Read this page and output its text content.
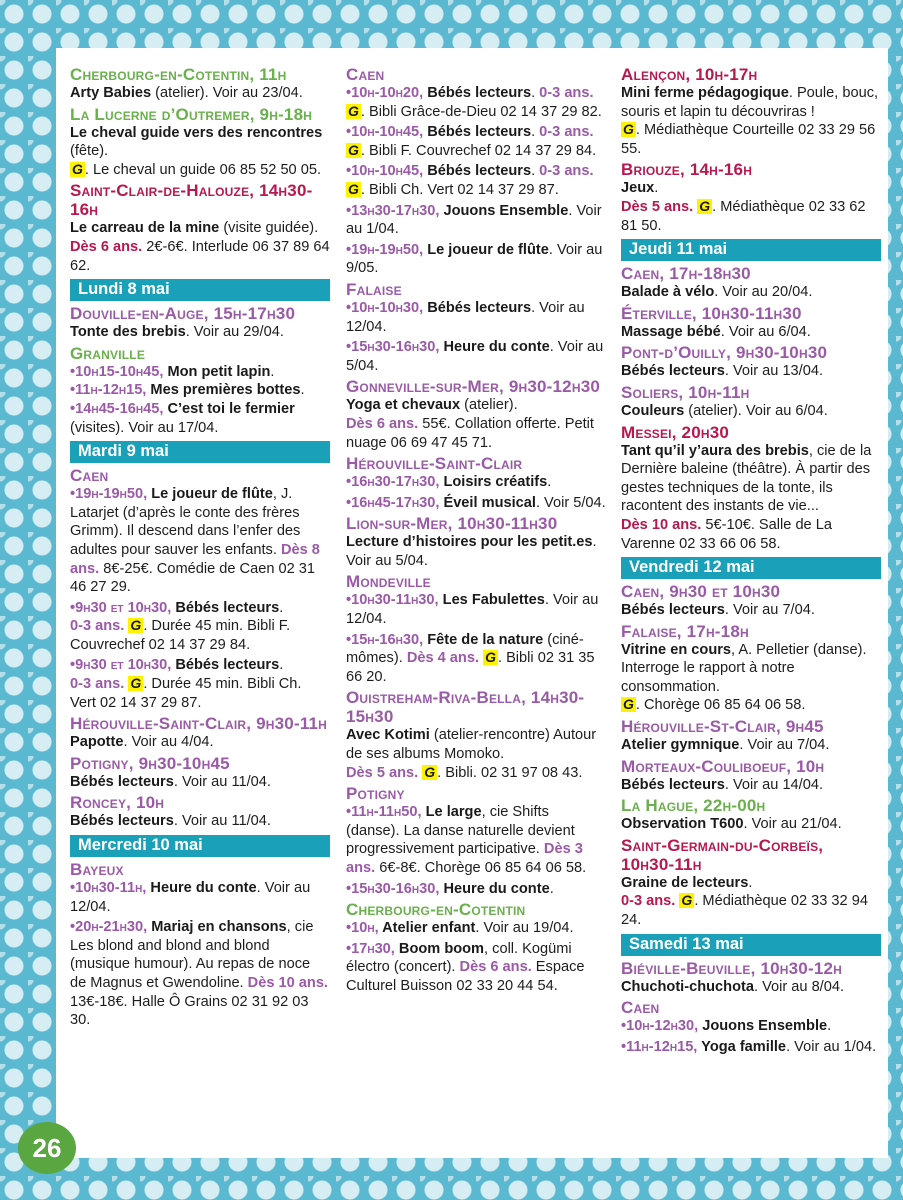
Cherbourg-en-Cotentin, 11h
Arty Babies (atelier). Voir au 23/04.
La Lucerne d’Outremer, 9h-18h
Le cheval guide vers des rencontres (fête).
G . Le cheval un guide 06 85 52 50 05.
Saint-Clair-de-Halouze, 14h30-16h
Le carreau de la mine (visite guidée).
Dès 6 ans. 2€-6€. Interlude 06 37 89 64 62.
Lundi 8 mai
Douville-en-Auge, 15h-17h30
Tonte des brebis. Voir au 29/04.
Granville
•10h15-10h45, Mon petit lapin.
•11h-12h15, Mes premières bottes.
•14h45-16h45, C’est toi le fermier (visites). Voir au 17/04.
Mardi 9 mai
Caen
•19h-19h50, Le joueur de flûte, J. Latarjet (d’après le conte des frères Grimm). Il descend dans l’enfer des adultes pour sauver les enfants. Dès 8 ans. 8€-25€. Comédie de Caen 02 31 46 27 29.
•9h30 et 10h30, Bébés lecteurs.
0-3 ans. G . Durée 45 min. Bibli F. Couvrechef 02 14 37 29 84.
•9h30 et 10h30, Bébés lecteurs.
0-3 ans. G . Durée 45 min. Bibli Ch. Vert 02 14 37 29 87.
Hérouville-Saint-Clair, 9h30-11h
Papotte. Voir au 4/04.
Potigny, 9h30-10h45
Bébés lecteurs. Voir au 11/04.
Roncey, 10h
Bébés lecteurs. Voir au 11/04.
Mercredi 10 mai
Bayeux
•10h30-11h, Heure du conte. Voir au 12/04.
•20h-21h30, Mariaj en chansons, cie Les blond and blond and blond (musique humour). Au repas de noce de Magnus et Gwendoline. Dès 10 ans. 13€-18€. Halle Ô Grains 02 31 92 03 30.
Caen
•10h-10h20, Bébés lecteurs. 0-3 ans. G . Bibli Grâce-de-Dieu 02 14 37 29 82.
•10h-10h45, Bébés lecteurs. 0-3 ans. G . Bibli F. Couvrechef 02 14 37 29 84.
•10h-10h45, Bébés lecteurs. 0-3 ans. G . Bibli Ch. Vert 02 14 37 29 87.
•13h30-17h30, Jouons Ensemble. Voir au 1/04.
•19h-19h50, Le joueur de flûte. Voir au 9/05.
Falaise
•10h-10h30, Bébés lecteurs. Voir au 12/04.
•15h30-16h30, Heure du conte. Voir au 5/04.
Gonneville-sur-Mer, 9h30-12h30
Yoga et chevaux (atelier).
Dès 6 ans. 55€. Collation offerte. Petit nuage 06 69 47 45 71.
Hérouville-Saint-Clair
•16h30-17h30, Loisirs créatifs.
•16h45-17h30, Éveil musical. Voir 5/04.
Lion-sur-Mer, 10h30-11h30
Lecture d’histoires pour les petit.es. Voir au 5/04.
Mondeville
•10h30-11h30, Les Fabulettes. Voir au 12/04.
•15h-16h30, Fête de la nature (ciné-mômes). Dès 4 ans. G . Bibli 02 31 35 66 20.
Ouistreham-Riva-Bella, 14h30-15h30
Avec Kotimi (atelier-rencontre) Autour de ses albums Momoko.
Dès 5 ans. G . Bibli. 02 31 97 08 43.
Potigny
•11h-11h50, Le large, cie Shifts (danse). La danse naturelle devient progressivement participative. Dès 3 ans. 6€-8€. Chorège 06 85 64 06 58.
•15h30-16h30, Heure du conte.
Cherbourg-en-Cotentin
•10h, Atelier enfant. Voir au 19/04.
•17h30, Boom boom, coll. Kogümi électro (concert). Dès 6 ans. Espace Culturel Buisson 02 33 20 44 54.
Alençon, 10h-17h
Mini ferme pédagogique. Poule, bouc, souris et lapin tu découvriras !
G . Médiathèque Courteille 02 33 29 56 55.
Briouze, 14h-16h
Jeux.
Dès 5 ans. G . Médiathèque 02 33 62 81 50.
Jeudi 11 mai
Caen, 17h-18h30
Balade à vélo. Voir au 20/04.
Éterville, 10h30-11h30
Massage bébé. Voir au 6/04.
Pont-d’Ouilly, 9h30-10h30
Bébés lecteurs. Voir au 13/04.
Soliers, 10h-11h
Couleurs (atelier). Voir au 6/04.
Messei, 20h30
Tant qu’il y’aura des brebis, cie de la Dernière baleine (théâtre). À partir des gestes techniques de la tonte, ils racontent des instants de vie...
Dès 10 ans. 5€-10€. Salle de La Varenne 02 33 66 06 58.
Vendredi 12 mai
Caen, 9h30 et 10h30
Bébés lecteurs. Voir au 7/04.
Falaise, 17h-18h
Vitrine en cours, A. Pelletier (danse). Interroge le rapport à notre consommation.
G . Chorège 06 85 64 06 58.
Hérouville-St-Clair, 9h45
Atelier gymnique. Voir au 7/04.
Morteaux-Couliboeuf, 10h
Bébés lecteurs. Voir au 14/04.
La Hague, 22h-00h
Observation T600. Voir au 21/04.
Saint-Germain-du-Corbeïs, 10h30-11h
Graine de lecteurs.
0-3 ans. G . Médiathèque 02 33 32 94 24.
Samedi 13 mai
Biéville-Beuville, 10h30-12h
Chuchoti-chuchota. Voir au 8/04.
Caen
•10h-12h30, Jouons Ensemble.
•11h-12h15, Yoga famille. Voir au 1/04.
26
